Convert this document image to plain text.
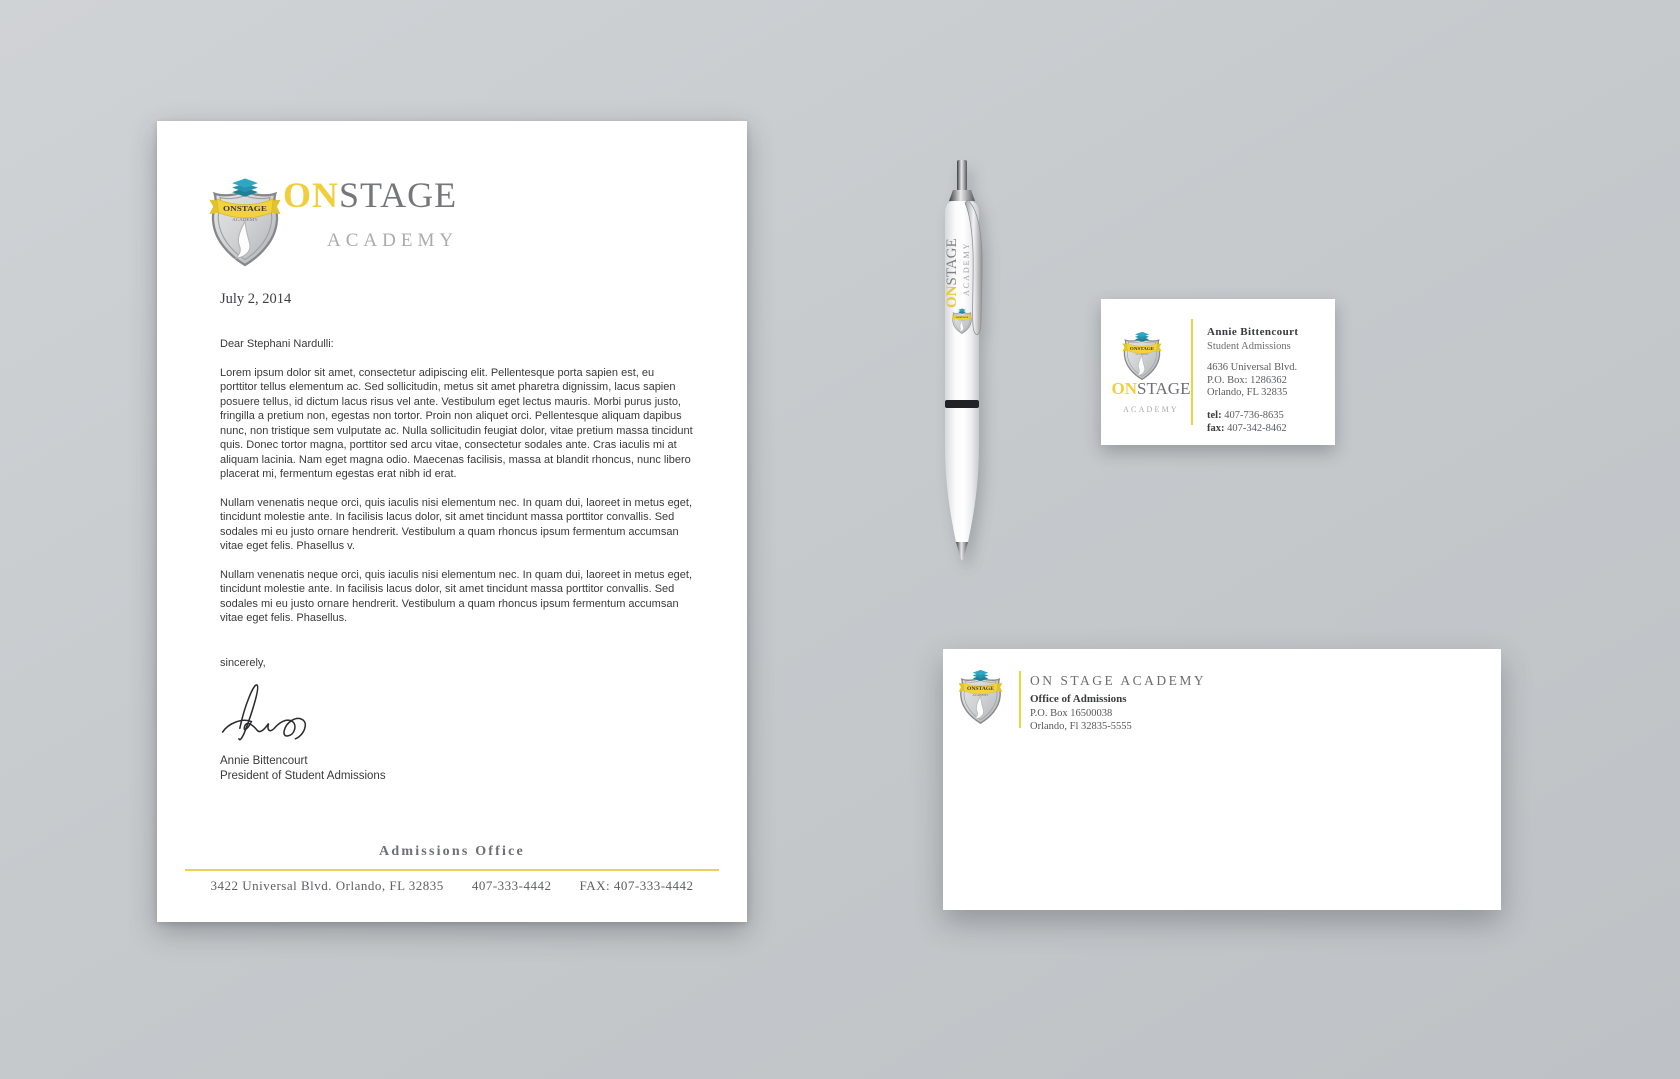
ONSTAGE
ACADEMY
July 2, 2014

Dear Stephani Nardulli:

Lorem ipsum dolor sit amet, consectetur adipiscing elit. Pellentesque porta sapien est, eu porttitor tellus elementum ac. Sed sollicitudin, metus sit amet pharetra dignissim, lacus sapien posuere tellus, id dictum lacus risus vel ante. Vestibulum eget lectus mauris. Morbi purus justo, fringilla a pretium non, egestas non tortor. Proin non aliquet orci. Pellentesque aliquam dapibus nunc, non tristique sem vulputate ac. Nulla sollicitudin feugiat dolor, vitae pretium massa tincidunt quis. Donec tortor magna, porttitor sed arcu vitae, consectetur sodales ante. Cras iaculis mi at aliquam lacinia. Nam eget magna odio. Maecenas facilisis, massa at blandit rhoncus, nunc libero placerat mi, fermentum egestas erat nibh id erat.

Nullam venenatis neque orci, quis iaculis nisi elementum nec. In quam dui, laoreet in metus eget, tincidunt molestie ante. In facilisis lacus dolor, sit amet tincidunt massa porttitor convallis. Sed sodales mi eu justo ornare hendrerit. Vestibulum a quam rhoncus ipsum fermentum accumsan vitae eget felis. Phasellus v.

Nullam venenatis neque orci, quis iaculis nisi elementum nec. In quam dui, laoreet in metus eget, tincidunt molestie ante. In facilisis lacus dolor, sit amet tincidunt massa porttitor convallis. Sed sodales mi eu justo ornare hendrerit. Vestibulum a quam rhoncus ipsum fermentum accumsan vitae eget felis. Phasellus.

sincerely,
Annie Bittencourt
President of Student Admissions
Admissions Office
3422 Universal Blvd. Orlando, FL 32835 407-333-4442 FAX: 407-333-4442
ONSTAGE ACADEMY
ONSTAGE
ACADEMY
Annie Bittencourt
Student Admissions
4636 Universal Blvd.
P.O. Box: 1286362
Orlando, FL 32835
tel: 407-736-8635
fax: 407-342-8462
ON STAGE ACADEMY
Office of Admissions
P.O. Box 16500038
Orlando, Fl 32835-5555
